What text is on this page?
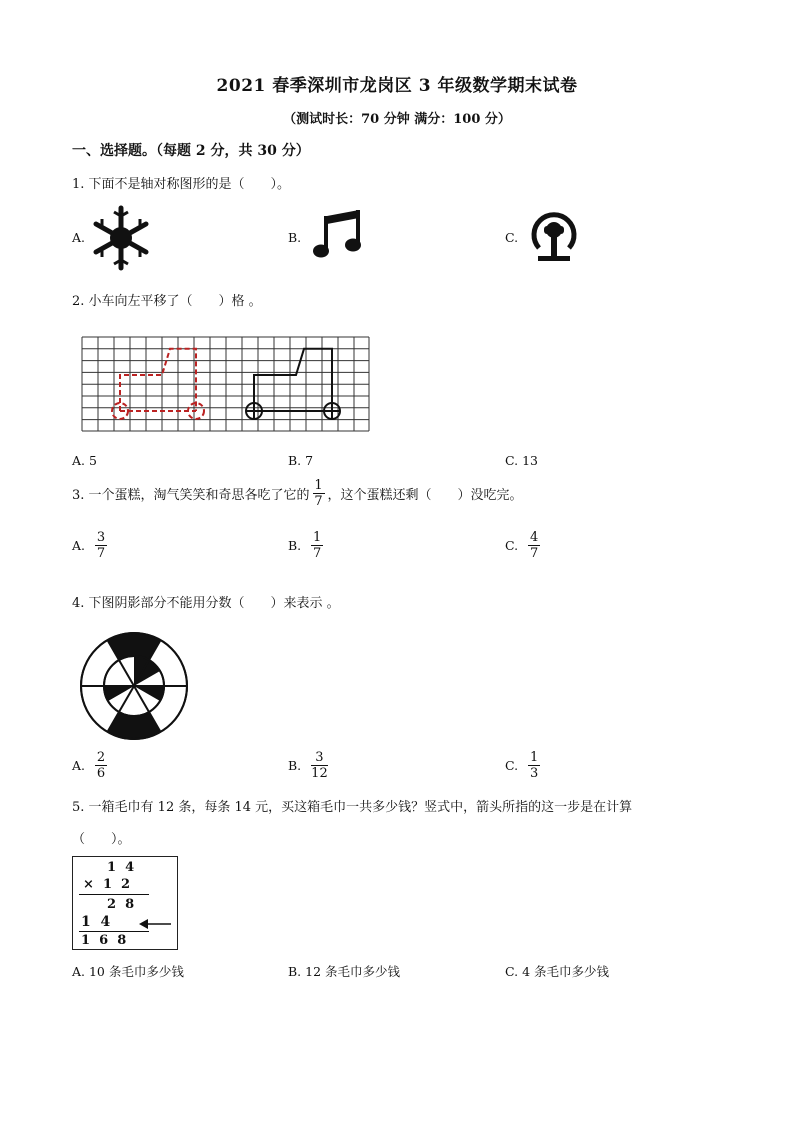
2021 春季深圳市龙岗区 3 年级数学期末试卷
（测试时长：70 分钟 满分：100 分）
一、选择题。（每题 2 分，共 30 分）
1. 下面不是轴对称图形的是（　　）。
A.	B.	C.
2. 小车向左平移了（　　）格 。
A. 5	B. 7	C. 13
3. 一个蛋糕，淘气笑笑和奇思各吃了它的 $\frac{1}{7}$ ，这个蛋糕还剩（　　）没吃完。
A. $\frac{3}{7}$	B. $\frac{1}{7}$	C. $\frac{4}{7}$
4. 下图阴影部分不能用分数（　　）来表示 。
A. $\frac{2}{6}$	B. $\frac{3}{12}$	C. $\frac{1}{3}$
5. 一箱毛巾有 12 条，每条 14 元，买这箱毛巾一共多少钱？竖式中，箭头所指的这一步是在计算
（　　）。
1  4
×  1  2
2  8
1  4
1  6  8
A. 10 条毛巾多少钱	B. 12 条毛巾多少钱	C. 4 条毛巾多少钱
